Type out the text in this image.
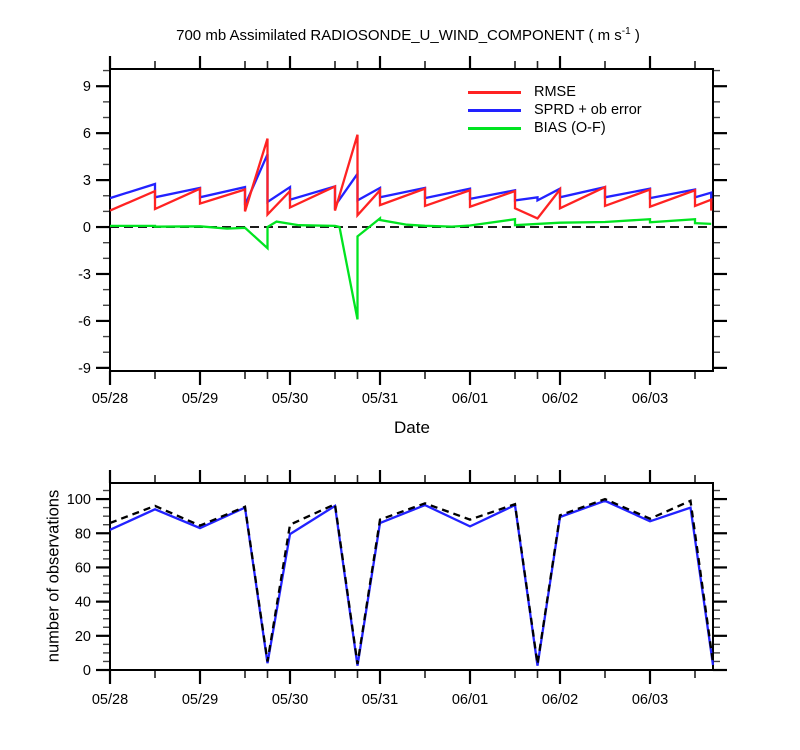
700 mb Assimilated RADIOSONDE_U_WIND_COMPONENT ( m $s^{-1}$ )
-9
-6
-3
0
3
6
9
05/28	05/29	05/30	05/31	06/01	06/02	06/03
0
20
40
60
80
100
05/28	05/29	05/30	05/31	06/01	06/02	06/03
RMSE
SPRD + ob error
BIAS (O-F)
Date
number of observations
